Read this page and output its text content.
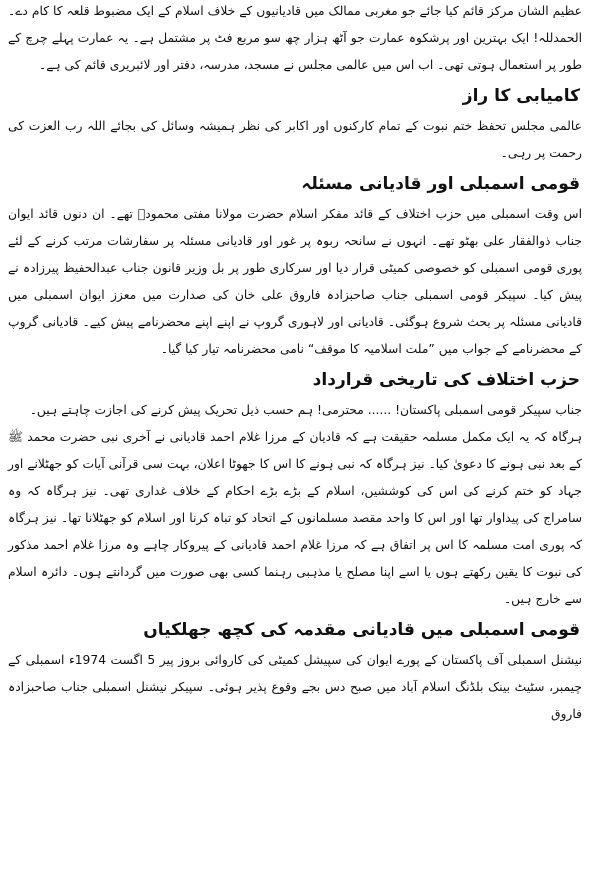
عظیم الشان مرکز قائم کیا جائے جو مغربی ممالک میں قادیانیوں کے خلاف اسلام کے ایک مضبوط قلعہ کا کام دے۔ الحمدللہ! ایک بہترین اور پرشکوہ عمارت جو آٹھ ہزار چھ سو مربع فٹ پر مشتمل ہے۔ یہ عمارت پہلے چرچ کے طور پر استعمال ہوتی تھی۔ اب اس میں عالمی مجلس نے مسجد، مدرسہ، دفتر اور لائبریری قائم کی ہے۔

کامیابی کا راز

عالمی مجلس تحفظ ختم نبوت کے تمام کارکنوں اور اکابر کی نظر ہمیشہ وسائل کی بجائے اللہ رب العزت کی رحمت پر رہی۔

قومی اسمبلی اور قادیانی مسئلہ

اس وقت اسمبلی میں حزب اختلاف کے قائد مفکر اسلام حضرت مولانا مفتی محمودؒ تھے۔ ان دنوں قائد ایوان جناب ذوالفقار علی بھٹو تھے۔ انہوں نے سانحہ ربوہ پر غور اور قادیانی مسئلہ پر سفارشات مرتب کرنے کے لئے پوری قومی اسمبلی کو خصوصی کمیٹی قرار دیا اور سرکاری طور پر بل وزیر قانون جناب عبدالحفیظ پیرزادہ نے پیش کیا۔ سپیکر قومی اسمبلی جناب صاحبزادہ فاروق علی خان کی صدارت میں معزز ایوان اسمبلی میں قادیانی مسئلہ پر بحث شروع ہوگئی۔ قادیانی اور لاہوری گروپ نے اپنے اپنے محضرنامے پیش کیے۔ قادیانی گروپ کے محضرنامے کے جواب میں ”ملت اسلامیہ کا موقف“ نامی محضرنامہ تیار کیا گیا۔

حزب اختلاف کی تاریخی قرارداد

جناب سپیکر قومی اسمبلی پاکستان! ...... محترمی! ہم حسب ذیل تحریک پیش کرنے کی اجازت چاہتے ہیں۔

ہرگاہ کہ یہ ایک مکمل مسلمہ حقیقت ہے کہ قادیان کے مرزا غلام احمد قادیانی نے آخری نبی حضرت محمد ﷺ کے بعد نبی ہونے کا دعویٰ کیا۔ نیز ہرگاہ کہ نبی ہونے کا اس کا جھوٹا اعلان، بہت سی قرآنی آیات کو جھٹلانے اور جہاد کو ختم کرنے کی اس کی کوششیں، اسلام کے بڑے بڑے احکام کے خلاف غداری تھی۔ نیز ہرگاہ کہ وہ سامراج کی پیداوار تھا اور اس کا واحد مقصد مسلمانوں کے اتحاد کو تباہ کرنا اور اسلام کو جھٹلانا تھا۔ نیز ہرگاہ کہ پوری امت مسلمہ کا اس پر اتفاق ہے کہ مرزا غلام احمد قادیانی کے پیروکار چاہے وہ مرزا غلام احمد مذکور کی نبوت کا یقین رکھتے ہوں یا اسے اپنا مصلح یا مذہبی رہنما کسی بھی صورت میں گردانتے ہوں۔ دائرہ اسلام سے خارج ہیں۔

قومی اسمبلی میں قادیانی مقدمہ کی کچھ جھلکیاں

نیشنل اسمبلی آف پاکستان کے پورے ایوان کی سپیشل کمیٹی کی کاروائی بروز پیر 5 اگست 1974ء اسمبلی کے چیمبر، سٹیٹ بینک بلڈنگ اسلام آباد میں صبح دس بجے وقوع پذیر ہوئی۔ سپیکر نیشنل اسمبلی جناب صاحبزادہ فاروق
